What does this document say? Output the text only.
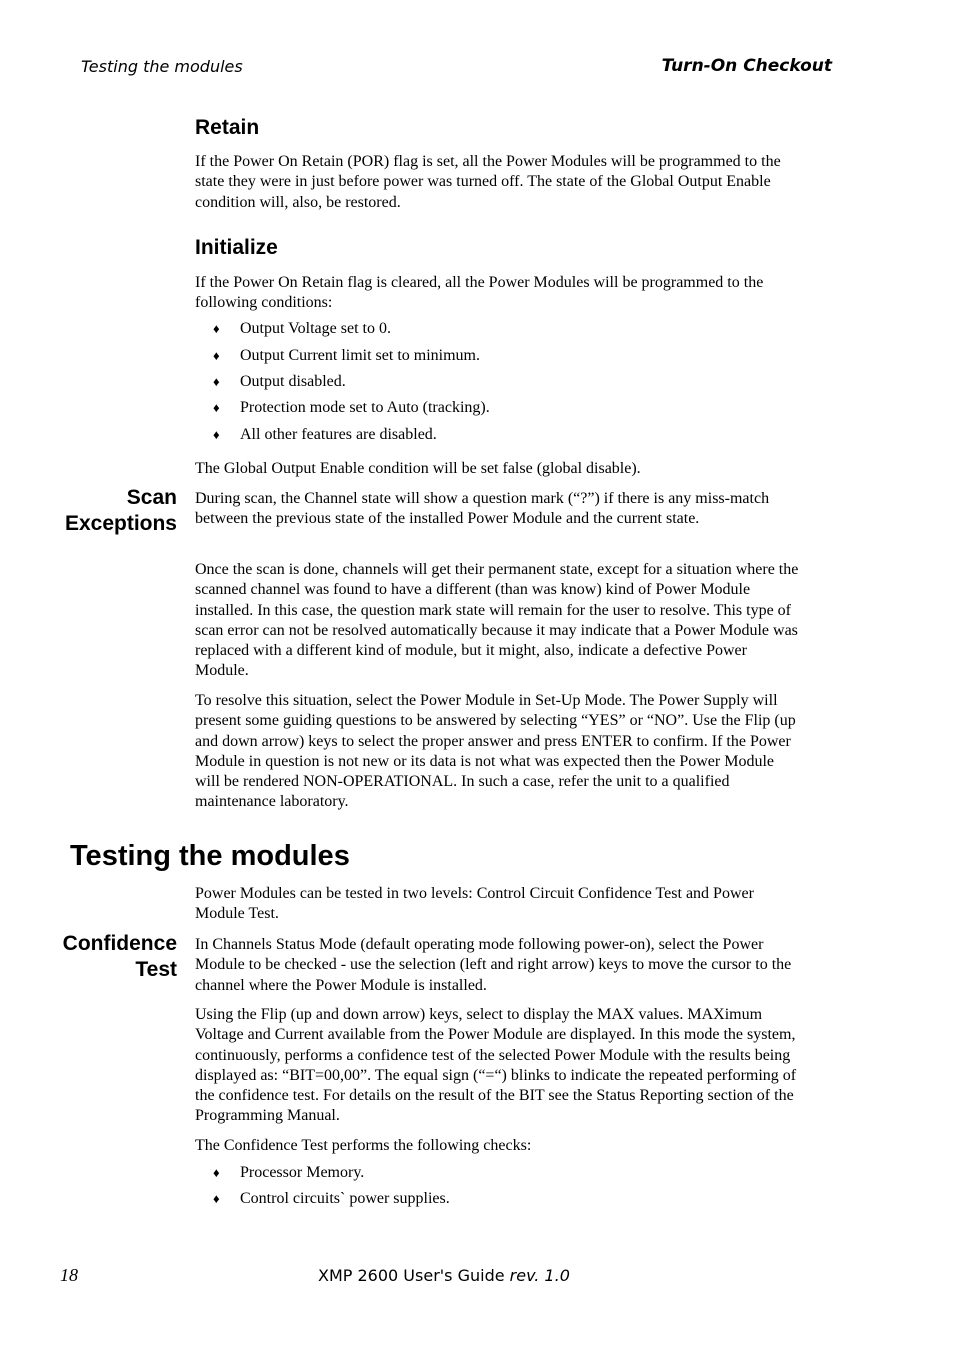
Testing the modules	Turn-On Checkout
Retain
If the Power On Retain (POR) flag is set, all the Power Modules will be programmed to the state they were in just before power was turned off. The state of the Global Output Enable condition will, also, be restored.
Initialize
If the Power On Retain flag is cleared, all the Power Modules will be programmed to the following conditions:
♦ Output Voltage set to 0.
♦ Output Current limit set to minimum.
♦ Output disabled.
♦ Protection mode set to Auto (tracking).
♦ All other features are disabled.
The Global Output Enable condition will be set false (global disable).
Scan
Exceptions
During scan, the Channel state will show a question mark (“?”) if there is any miss-match between the previous state of the installed Power Module and the current state.
Once the scan is done, channels will get their permanent state, except for a situation where the scanned channel was found to have a different (than was know) kind of Power Module installed. In this case, the question mark state will remain for the user to resolve. This type of scan error can not be resolved automatically because it may indicate that a Power Module was replaced with a different kind of module, but it might, also, indicate a defective Power Module.
To resolve this situation, select the Power Module in Set-Up Mode. The Power Supply will present some guiding questions to be answered by selecting “YES” or “NO”. Use the Flip (up and down arrow) keys to select the proper answer and press ENTER to confirm. If the Power Module in question is not new or its data is not what was expected then the Power Module will be rendered NON-OPERATIONAL. In such a case, refer the unit to a qualified maintenance laboratory.
Testing the modules
Power Modules can be tested in two levels: Control Circuit Confidence Test and Power Module Test.
Confidence
Test
In Channels Status Mode (default operating mode following power-on), select the Power Module to be checked - use the selection (left and right arrow) keys to move the cursor to the channel where the Power Module is installed.
Using the Flip (up and down arrow) keys, select to display the MAX values. MAXimum Voltage and Current available from the Power Module are displayed. In this mode the system, continuously, performs a confidence test of the selected Power Module with the results being displayed as: “BIT=00,00”. The equal sign (“=“) blinks to indicate the repeated performing of the confidence test. For details on the result of the BIT see the Status Reporting section of the Programming Manual.
The Confidence Test performs the following checks:
♦ Processor Memory.
♦ Control circuits` power supplies.
18	XMP 2600 User's Guide rev. 1.0
